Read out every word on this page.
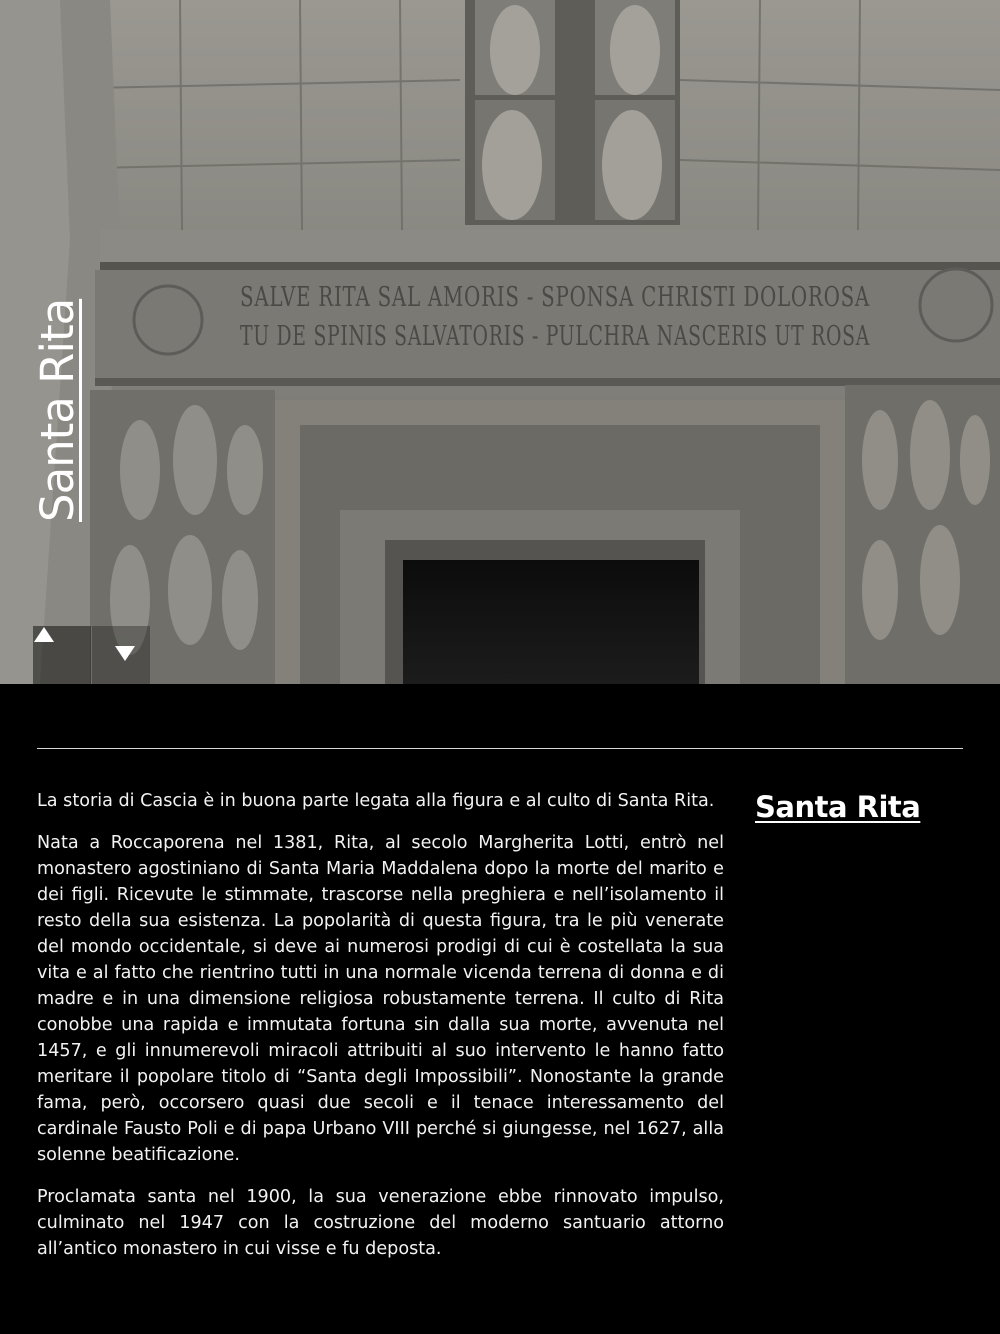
SALVE RITA SAL AMORIS - SPONSA CHRISTI DOLOROSA
TU DE SPINIS SALVATORIS - PULCHRA NASCERIS UT ROSA
Santa Rita

La storia di Cascia è in buona parte legata alla figura e al culto di Santa Rita.

Nata a Roccaporena nel 1381, Rita, al secolo Margherita Lotti, entrò nel monastero agostiniano di Santa Maria Maddalena dopo la morte del marito e dei figli. Ricevute le stimmate, trascorse nella preghiera e nell’isolamento il resto della sua esistenza. La popolarità di questa figura, tra le più venerate del mondo occidentale, si deve ai numerosi prodigi di cui è costellata la sua vita e al fatto che rientrino tutti in una normale vicenda terrena di donna e di madre e in una dimensione religiosa robustamente terrena. Il culto di Rita conobbe una rapida e immutata fortuna sin dalla sua morte, avvenuta nel 1457, e gli innumerevoli miracoli attribuiti al suo intervento le hanno fatto meritare il popolare titolo di “Santa degli Impossibili”. Nonostante la grande fama, però, occorsero quasi due secoli e il tenace interessamento del cardinale Fausto Poli e di papa Urbano VIII perché si giungesse, nel 1627, alla solenne beatificazione.

Proclamata santa nel 1900, la sua venerazione ebbe rinnovato impulso, culminato nel 1947 con la costruzione del moderno santuario attorno all’antico monastero in cui visse e fu deposta.

Santa Rita
